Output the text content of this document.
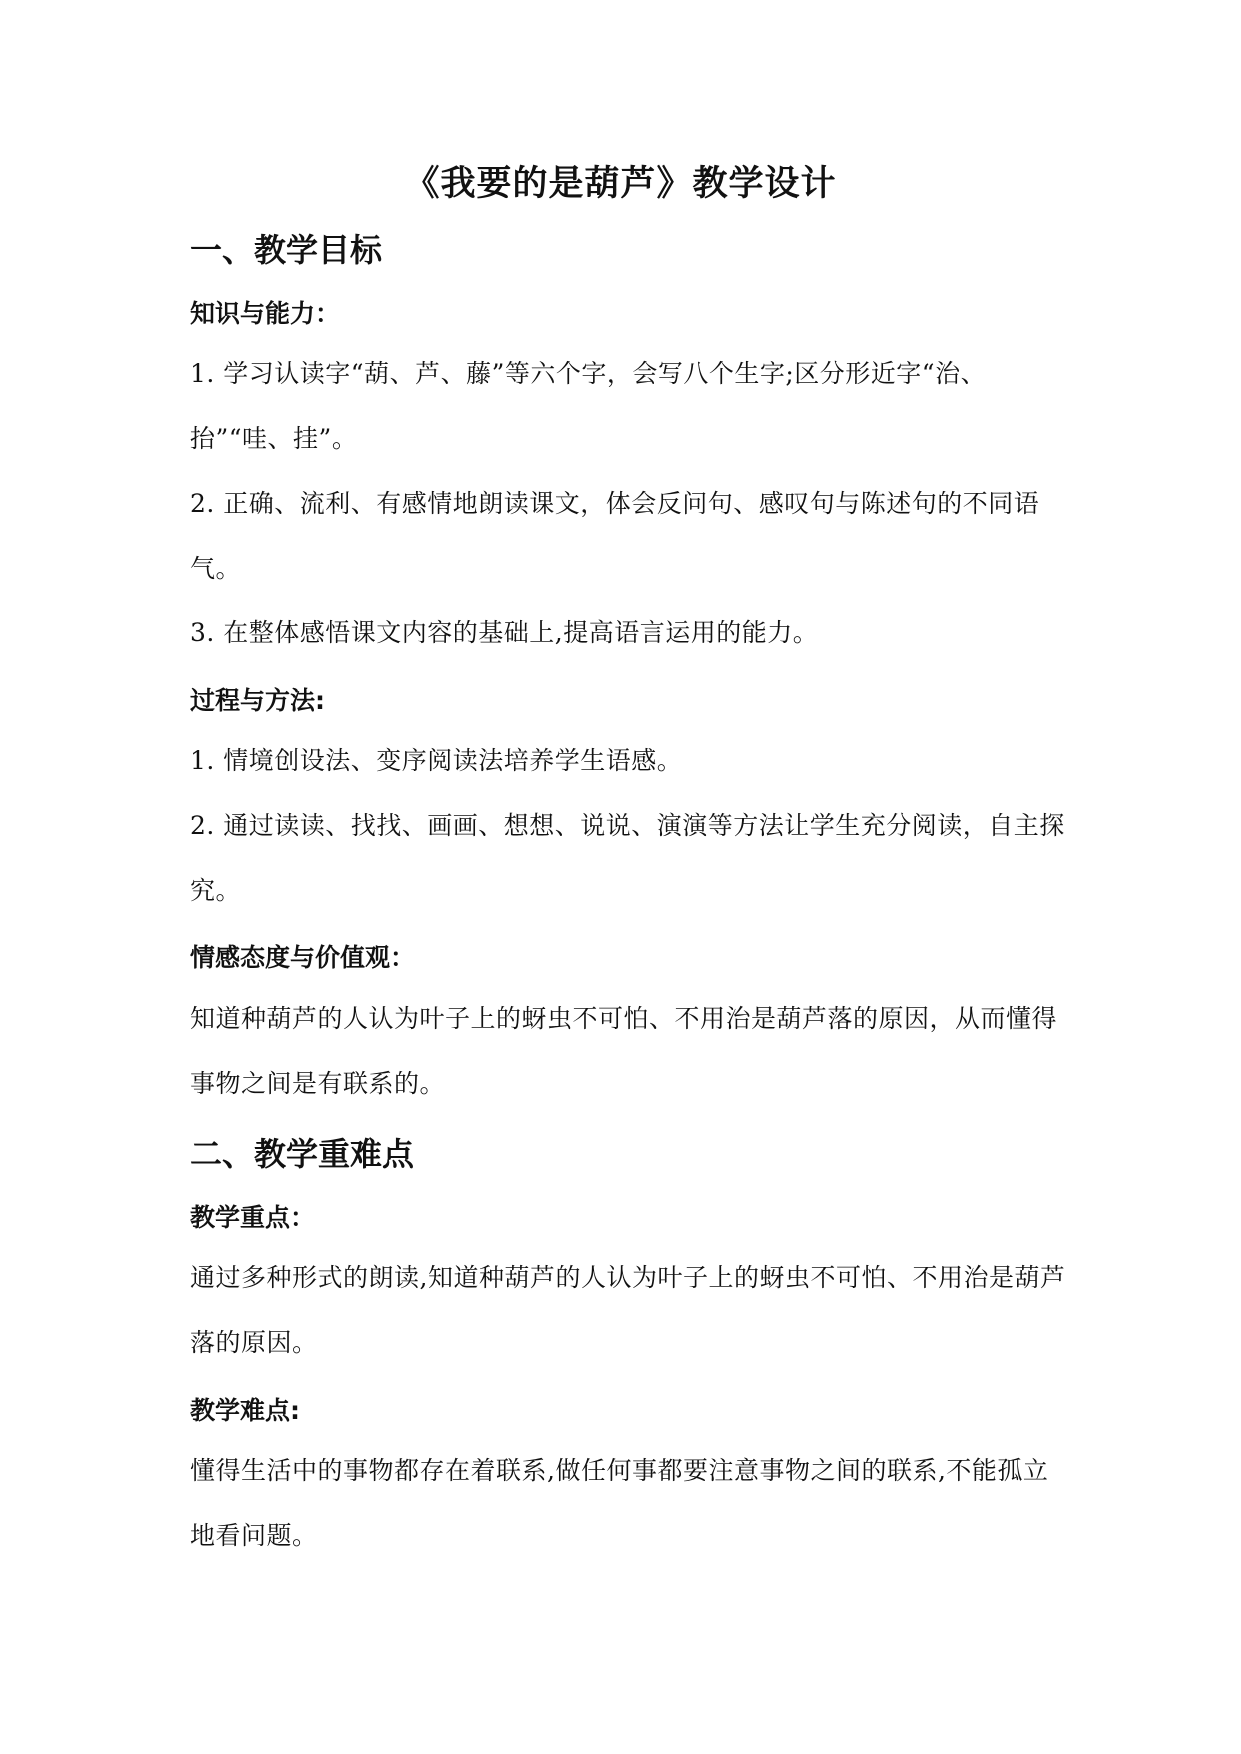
《我要的是葫芦》教学设计
一、教学目标
知识与能力：
1. 学习认读字“葫、芦、藤”等六个字，会写八个生字;区分形近字“治、抬”“哇、挂”。
2. 正确、流利、有感情地朗读课文，体会反问句、感叹句与陈述句的不同语气。
3. 在整体感悟课文内容的基础上,提高语言运用的能力。
过程与方法:
1. 情境创设法、变序阅读法培养学生语感。
2. 通过读读、找找、画画、想想、说说、演演等方法让学生充分阅读，自主探究。
情感态度与价值观：
知道种葫芦的人认为叶子上的蚜虫不可怕、不用治是葫芦落的原因，从而懂得事物之间是有联系的。
二、教学重难点
教学重点：
通过多种形式的朗读,知道种葫芦的人认为叶子上的蚜虫不可怕、不用治是葫芦落的原因。
教学难点:
懂得生活中的事物都存在着联系,做任何事都要注意事物之间的联系,不能孤立地看问题。
